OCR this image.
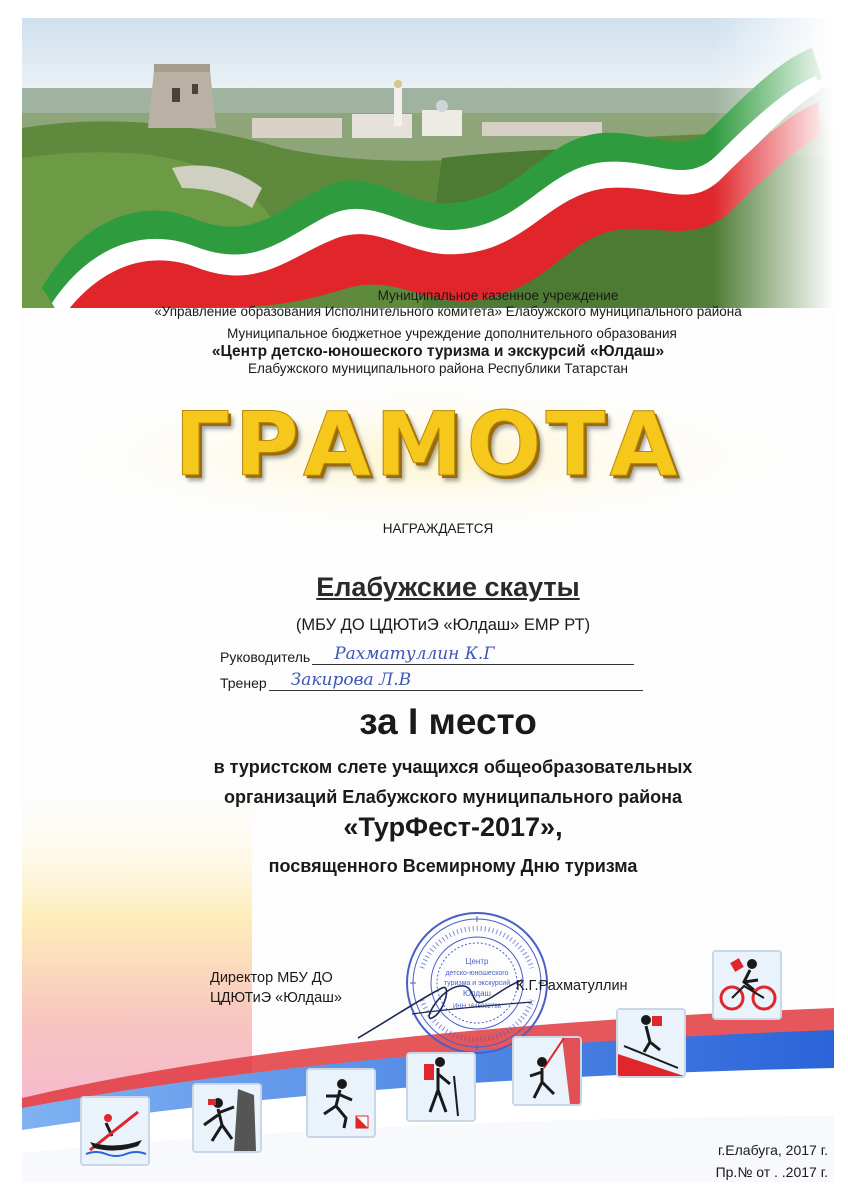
Муниципальное казенное учреждение
«Управление образования Исполнительного комитета» Елабужского муниципального района
Муниципальное бюджетное учреждение дополнительного образования
«Центр детско-юношеского туризма и экскурсий «Юлдаш»
Елабужского муниципального района Республики Татарстан
ГРАМОТА
НАГРАЖДАЕТСЯ
Елабужские скауты
(МБУ ДО ЦДЮТиЭ «Юлдаш» ЕМР РТ)
Руководитель	Рахматуллин К.Г
Тренер	Закирова Л.В
за I место
в туристском слете учащихся общеобразовательных
организаций Елабужского муниципального района
«ТурФест-2017»,
посвященного Всемирному Дню туризма
Центр
детско-юношеского
туризма и экскурсий
Юлдаш
ИНН 1646002788
Директор МБУ ДО
ЦДЮТиЭ «Юлдаш»
К.Г.Рахматуллин
г.Елабуга, 2017 г.
Пр.№ от . .2017 г.
